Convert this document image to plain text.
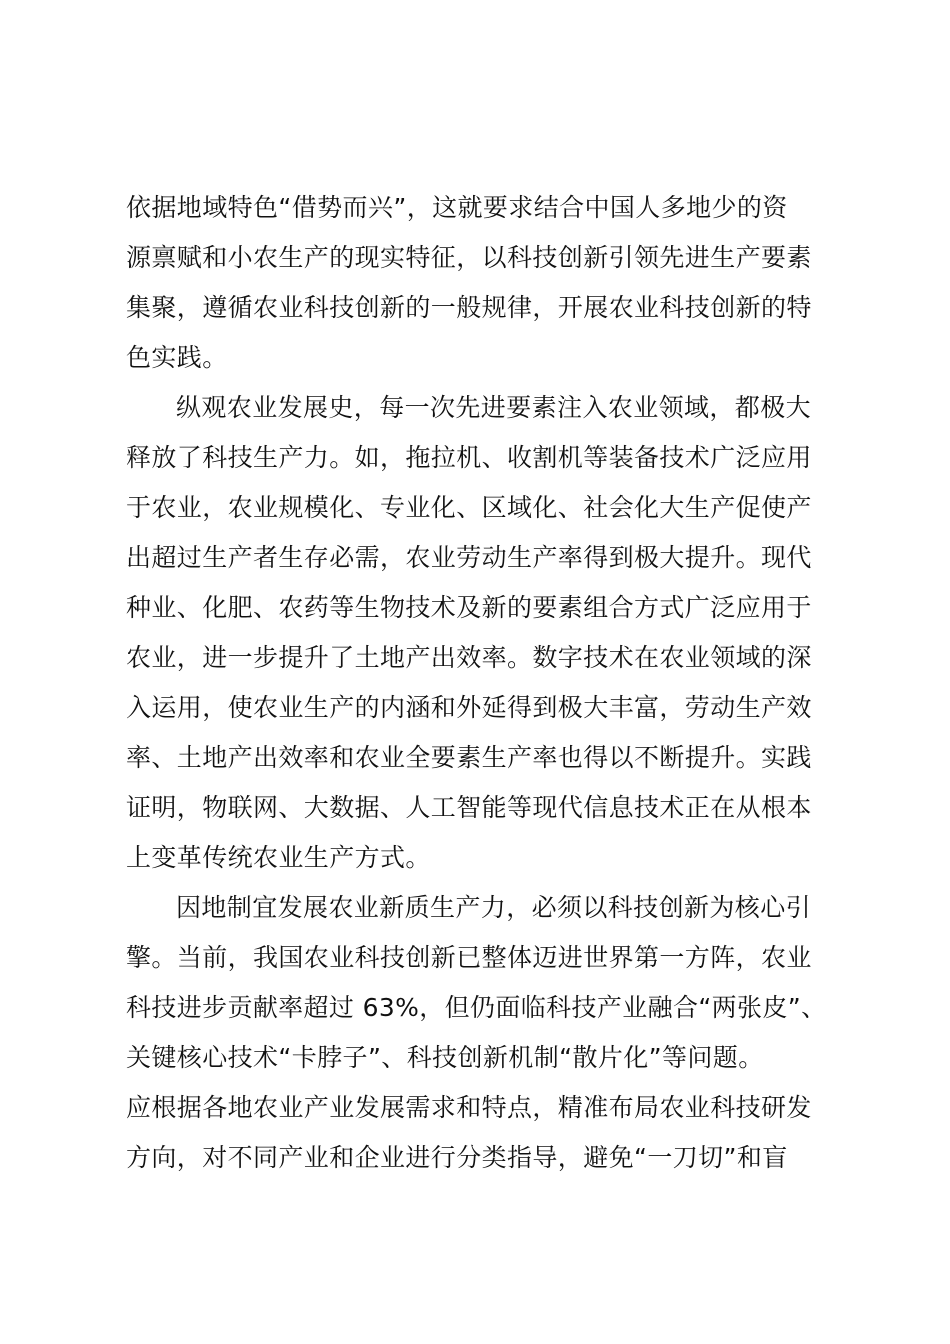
依据地域特色“借势而兴”，这就要求结合中国人多地少的资
源禀赋和小农生产的现实特征，以科技创新引领先进生产要素
集聚，遵循农业科技创新的一般规律，开展农业科技创新的特
色实践。
纵观农业发展史，每一次先进要素注入农业领域，都极大
释放了科技生产力。如，拖拉机、收割机等装备技术广泛应用
于农业，农业规模化、专业化、区域化、社会化大生产促使产
出超过生产者生存必需，农业劳动生产率得到极大提升。现代
种业、化肥、农药等生物技术及新的要素组合方式广泛应用于
农业，进一步提升了土地产出效率。数字技术在农业领域的深
入运用，使农业生产的内涵和外延得到极大丰富，劳动生产效
率、土地产出效率和农业全要素生产率也得以不断提升。实践
证明，物联网、大数据、人工智能等现代信息技术正在从根本
上变革传统农业生产方式。
因地制宜发展农业新质生产力，必须以科技创新为核心引
擎。当前，我国农业科技创新已整体迈进世界第一方阵，农业
科技进步贡献率超过 63%，但仍面临科技产业融合“两张皮”、
关键核心技术“卡脖子”、科技创新机制“散片化”等问题。
应根据各地农业产业发展需求和特点，精准布局农业科技研发
方向，对不同产业和企业进行分类指导，避免“一刀切”和盲
